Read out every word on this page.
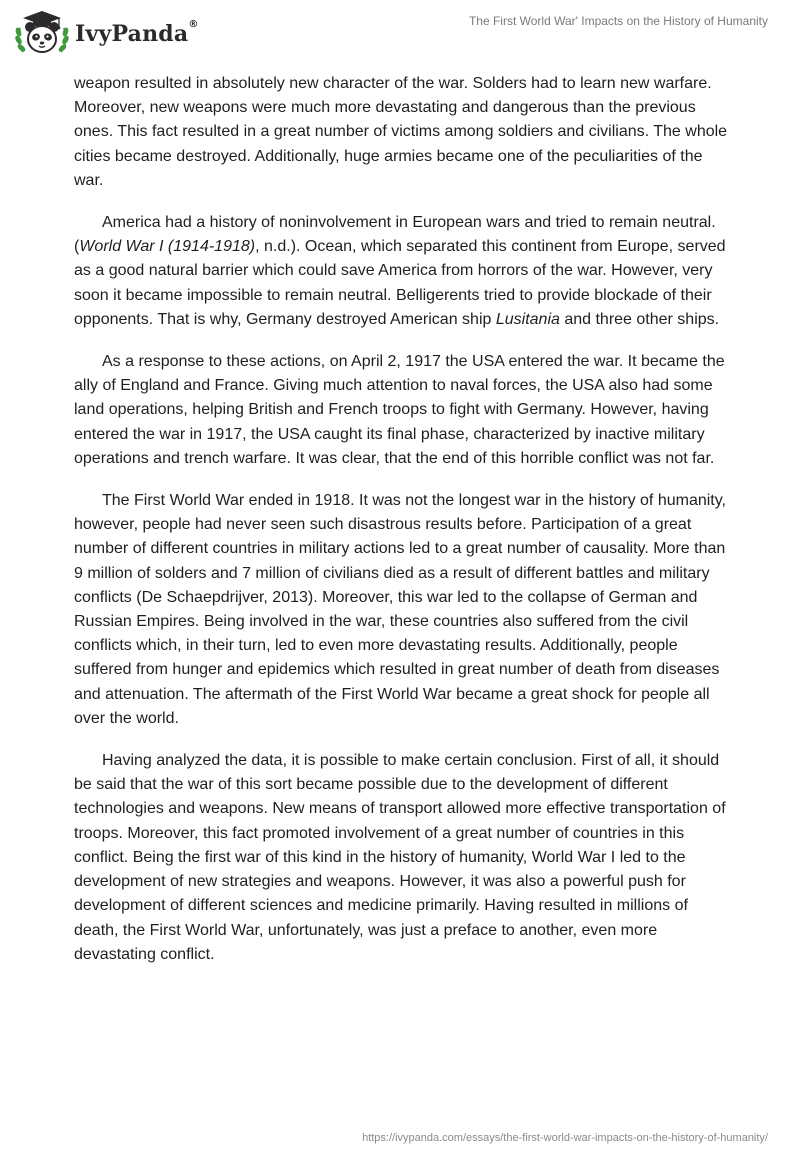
IvyPanda®	The First World War' Impacts on the History of Humanity

weapon resulted in absolutely new character of the war. Solders had to learn new warfare. Moreover, new weapons were much more devastating and dangerous than the previous ones. This fact resulted in a great number of victims among soldiers and civilians. The whole cities became destroyed. Additionally, huge armies became one of the peculiarities of the war.

America had a history of noninvolvement in European wars and tried to remain neutral. (World War I (1914-1918), n.d.). Ocean, which separated this continent from Europe, served as a good natural barrier which could save America from horrors of the war. However, very soon it became impossible to remain neutral. Belligerents tried to provide blockade of their opponents. That is why, Germany destroyed American ship Lusitania and three other ships.

As a response to these actions, on April 2, 1917 the USA entered the war. It became the ally of England and France. Giving much attention to naval forces, the USA also had some land operations, helping British and French troops to fight with Germany. However, having entered the war in 1917, the USA caught its final phase, characterized by inactive military operations and trench warfare. It was clear, that the end of this horrible conflict was not far.

The First World War ended in 1918. It was not the longest war in the history of humanity, however, people had never seen such disastrous results before. Participation of a great number of different countries in military actions led to a great number of causality. More than 9 million of solders and 7 million of civilians died as a result of different battles and military conflicts (De Schaepdrijver, 2013). Moreover, this war led to the collapse of German and Russian Empires. Being involved in the war, these countries also suffered from the civil conflicts which, in their turn, led to even more devastating results. Additionally, people suffered from hunger and epidemics which resulted in great number of death from diseases and attenuation. The aftermath of the First World War became a great shock for people all over the world.

Having analyzed the data, it is possible to make certain conclusion. First of all, it should be said that the war of this sort became possible due to the development of different technologies and weapons. New means of transport allowed more effective transportation of troops. Moreover, this fact promoted involvement of a great number of countries in this conflict. Being the first war of this kind in the history of humanity, World War I led to the development of new strategies and weapons. However, it was also a powerful push for development of different sciences and medicine primarily. Having resulted in millions of death, the First World War, unfortunately, was just a preface to another, even more devastating conflict.

https://ivypanda.com/essays/the-first-world-war-impacts-on-the-history-of-humanity/
